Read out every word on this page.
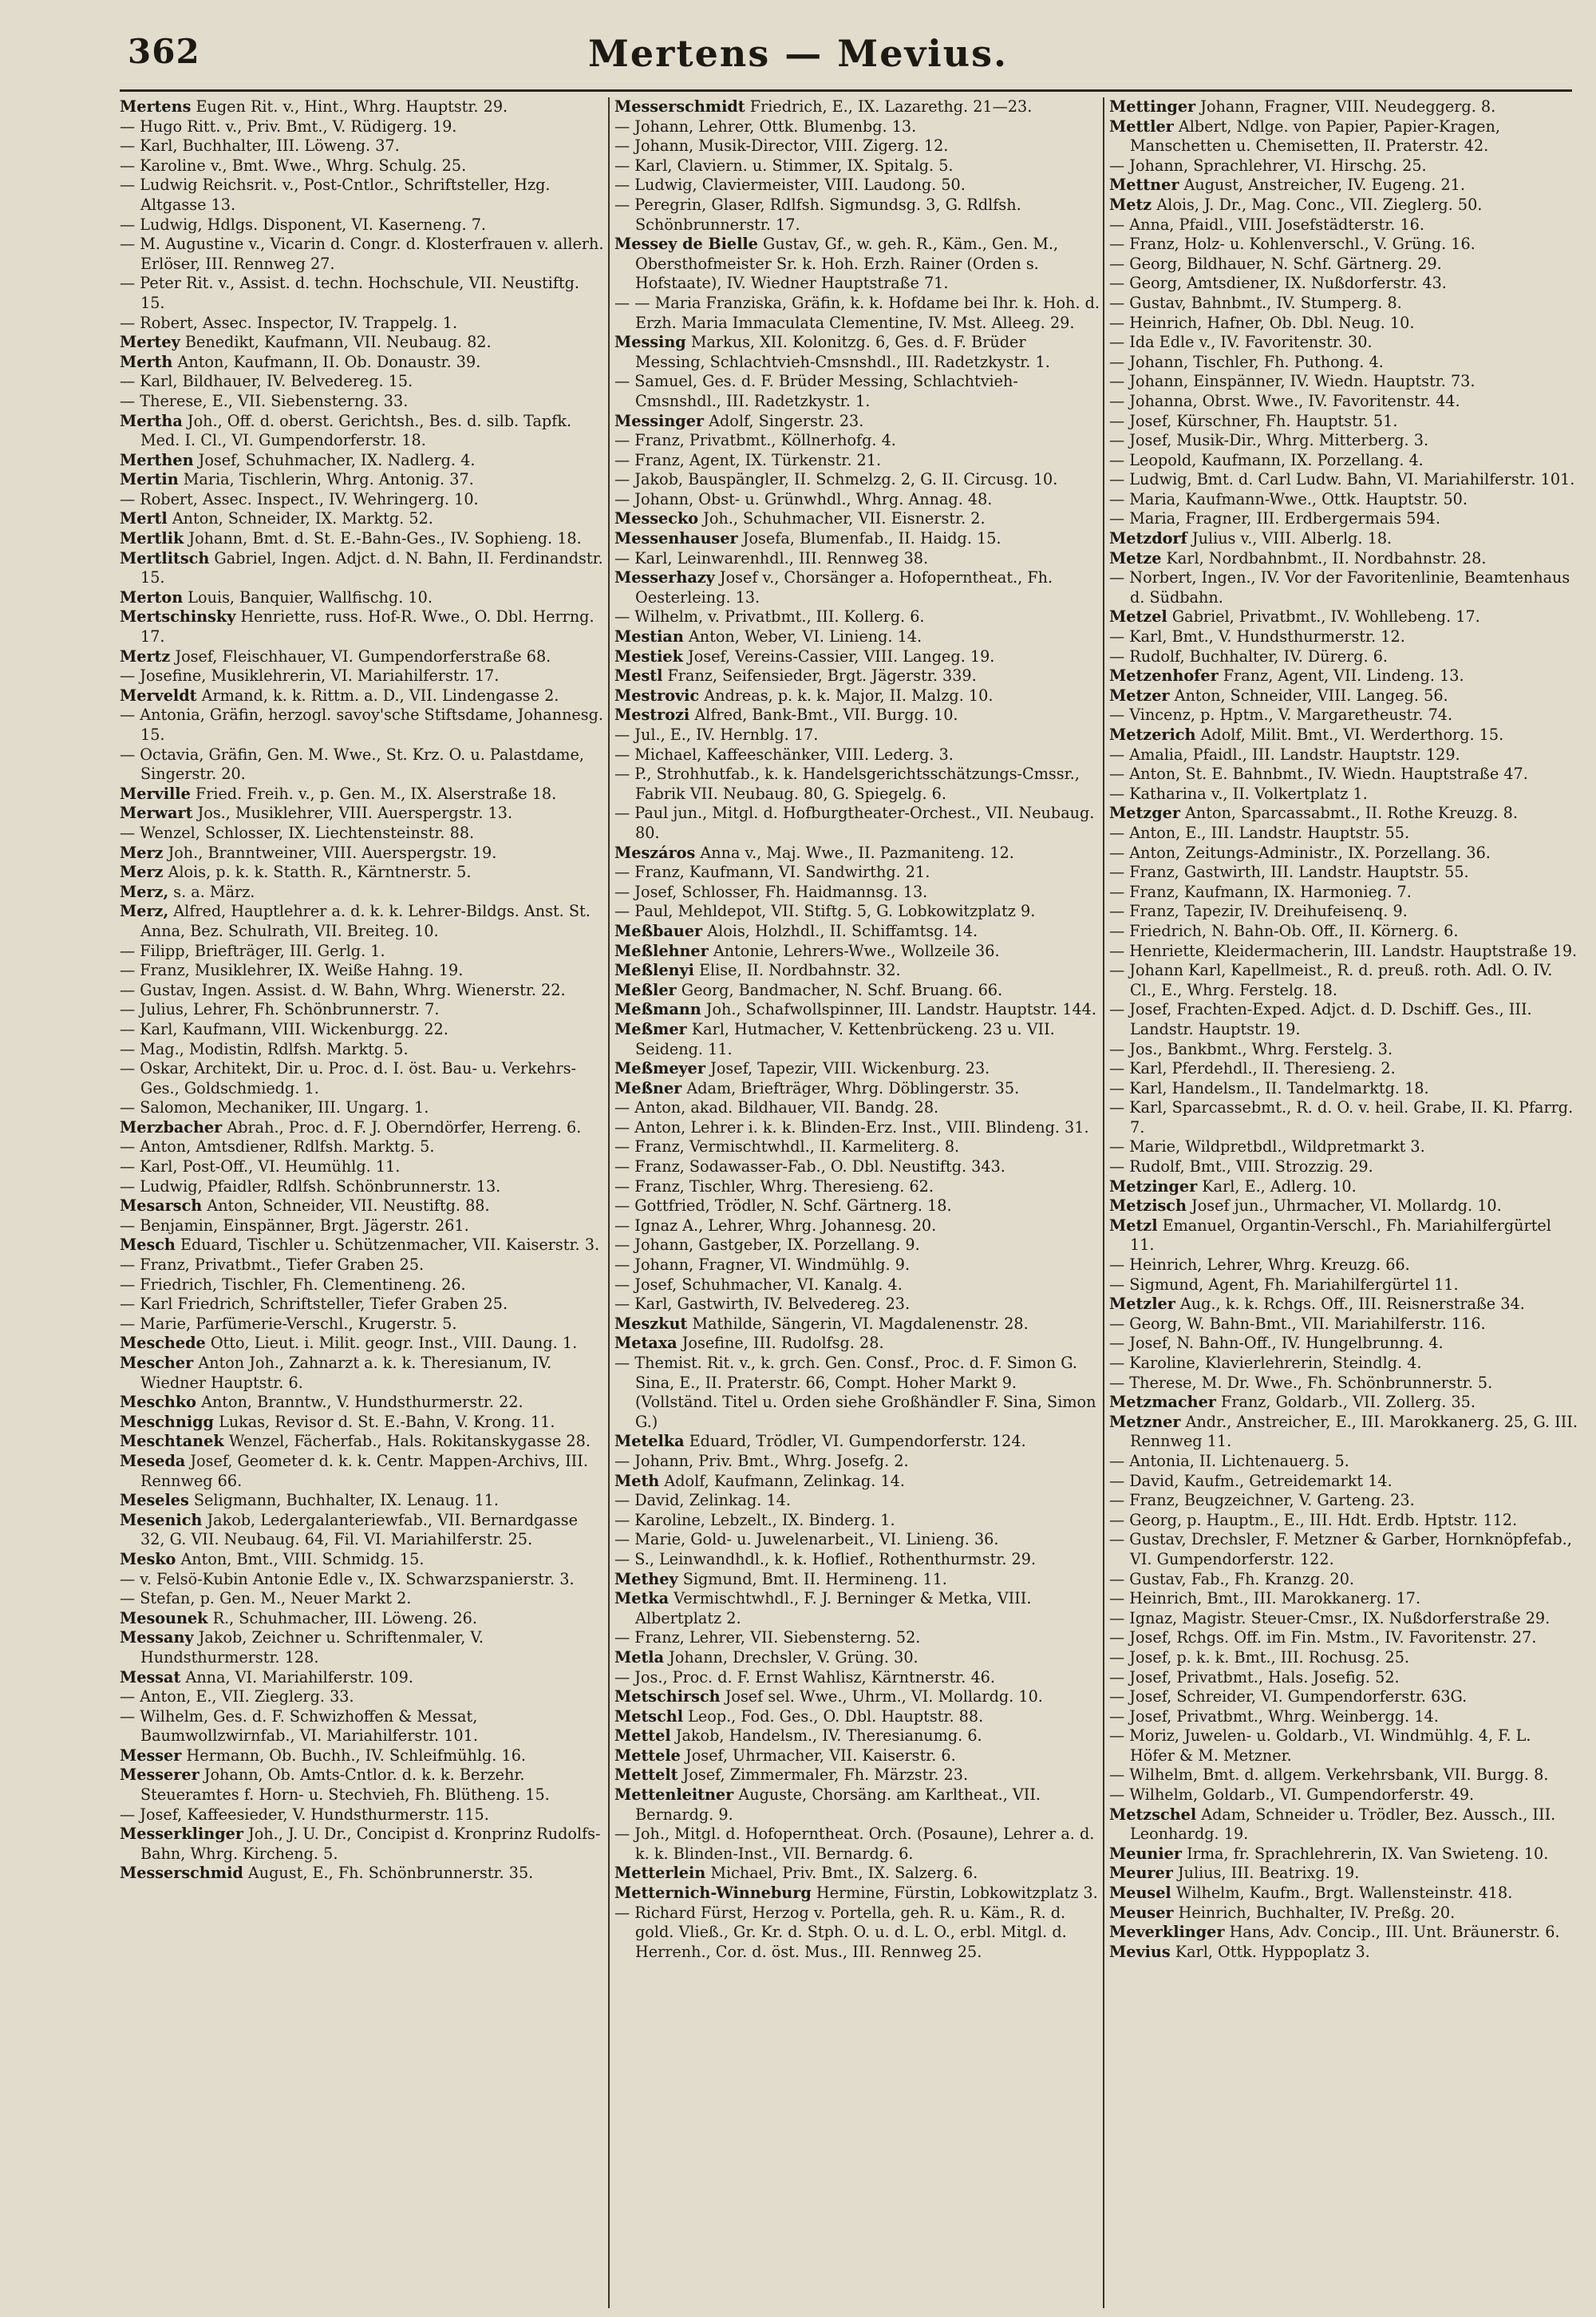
362	Mertens — Mevius.

Mertens Eugen Rit. v., Hint., Whrg. Hauptstr. 29.

— Hugo Ritt. v., Priv. Bmt., V. Rüdigerg. 19.

— Karl, Buchhalter, III. Löweng. 37.

— Karoline v., Bmt. Wwe., Whrg. Schulg. 25.

— Ludwig Reichsrit. v., Post-Cntlor., Schriftsteller, Hzg. Altgasse 13.

— Ludwig, Hdlgs. Disponent, VI. Kaserneng. 7.

— M. Augustine v., Vicarin d. Congr. d. Klosterfrauen v. allerh. Erlöser, III. Rennweg 27.

— Peter Rit. v., Assist. d. techn. Hochschule, VII. Neustiftg. 15.

— Robert, Assec. Inspector, IV. Trappelg. 1.

Mertey Benedikt, Kaufmann, VII. Neubaug. 82.

Merth Anton, Kaufmann, II. Ob. Donaustr. 39.

— Karl, Bildhauer, IV. Belvedereg. 15.

— Therese, E., VII. Siebensterng. 33.

Mertha Joh., Off. d. oberst. Gerichtsh., Bes. d. silb. Tapfk. Med. I. Cl., VI. Gumpendorferstr. 18.

Merthen Josef, Schuhmacher, IX. Nadlerg. 4.

Mertin Maria, Tischlerin, Whrg. Antonig. 37.

— Robert, Assec. Inspect., IV. Wehringerg. 10.

Mertl Anton, Schneider, IX. Marktg. 52.

Mertlik Johann, Bmt. d. St. E.-Bahn-Ges., IV. Sophieng. 18.

Mertlitsch Gabriel, Ingen. Adjct. d. N. Bahn, II. Ferdinandstr. 15.

Merton Louis, Banquier, Wallfischg. 10.

Mertschinsky Henriette, russ. Hof-R. Wwe., O. Dbl. Herrng. 17.

Mertz Josef, Fleischhauer, VI. Gumpendorferstraße 68.

— Josefine, Musiklehrerin, VI. Mariahilferstr. 17.

Merveldt Armand, k. k. Rittm. a. D., VII. Lindengasse 2.

— Antonia, Gräfin, herzogl. savoy'sche Stiftsdame, Johannesg. 15.

— Octavia, Gräfin, Gen. M. Wwe., St. Krz. O. u. Palastdame, Singerstr. 20.

Merville Fried. Freih. v., p. Gen. M., IX. Alserstraße 18.

Merwart Jos., Musiklehrer, VIII. Auerspergstr. 13.

— Wenzel, Schlosser, IX. Liechtensteinstr. 88.

Merz Joh., Branntweiner, VIII. Auerspergstr. 19.

Merz Alois, p. k. k. Statth. R., Kärntnerstr. 5.

Merz, s. a. März.

Merz, Alfred, Hauptlehrer a. d. k. k. Lehrer-Bildgs. Anst. St. Anna, Bez. Schulrath, VII. Breiteg. 10.

— Filipp, Briefträger, III. Gerlg. 1.

— Franz, Musiklehrer, IX. Weiße Hahng. 19.

— Gustav, Ingen. Assist. d. W. Bahn, Whrg. Wienerstr. 22.

— Julius, Lehrer, Fh. Schönbrunnerstr. 7.

— Karl, Kaufmann, VIII. Wickenburgg. 22.

— Mag., Modistin, Rdlfsh. Marktg. 5.

— Oskar, Architekt, Dir. u. Proc. d. I. öst. Bau- u. Verkehrs-Ges., Goldschmiedg. 1.

— Salomon, Mechaniker, III. Ungarg. 1.

Merzbacher Abrah., Proc. d. F. J. Oberndörfer, Herreng. 6.

— Anton, Amtsdiener, Rdlfsh. Marktg. 5.

— Karl, Post-Off., VI. Heumühlg. 11.

— Ludwig, Pfaidler, Rdlfsh. Schönbrunnerstr. 13.

Mesarsch Anton, Schneider, VII. Neustiftg. 88.

— Benjamin, Einspänner, Brgt. Jägerstr. 261.

Mesch Eduard, Tischler u. Schützenmacher, VII. Kaiserstr. 3.

— Franz, Privatbmt., Tiefer Graben 25.

— Friedrich, Tischler, Fh. Clementineng. 26.

— Karl Friedrich, Schriftsteller, Tiefer Graben 25.

— Marie, Parfümerie-Verschl., Krugerstr. 5.

Meschede Otto, Lieut. i. Milit. geogr. Inst., VIII. Daung. 1.

Mescher Anton Joh., Zahnarzt a. k. k. Theresianum, IV. Wiedner Hauptstr. 6.

Meschko Anton, Branntw., V. Hundsthurmerstr. 22.

Meschnigg Lukas, Revisor d. St. E.-Bahn, V. Krong. 11.

Meschtanek Wenzel, Fächerfab., Hals. Rokitanskygasse 28.

Meseda Josef, Geometer d. k. k. Centr. Mappen-Archivs, III. Rennweg 66.

Meseles Seligmann, Buchhalter, IX. Lenaug. 11.

Mesenich Jakob, Ledergalanteriewfab., VII. Bernardgasse 32, G. VII. Neubaug. 64, Fil. VI. Mariahilferstr. 25.

Mesko Anton, Bmt., VIII. Schmidg. 15.

— v. Felsö-Kubin Antonie Edle v., IX. Schwarzspanierstr. 3.

— Stefan, p. Gen. M., Neuer Markt 2.

Mesounek R., Schuhmacher, III. Löweng. 26.

Messany Jakob, Zeichner u. Schriftenmaler, V. Hundsthurmerstr. 128.

Messat Anna, VI. Mariahilferstr. 109.

— Anton, E., VII. Zieglerg. 33.

— Wilhelm, Ges. d. F. Schwizhoffen & Messat, Baumwollzwirnfab., VI. Mariahilferstr. 101.

Messer Hermann, Ob. Buchh., IV. Schleifmühlg. 16.

Messerer Johann, Ob. Amts-Cntlor. d. k. k. Berzehr. Steueramtes f. Horn- u. Stechvieh, Fh. Blütheng. 15.

— Josef, Kaffeesieder, V. Hundsthurmerstr. 115.

Messerklinger Joh., J. U. Dr., Concipist d. Kronprinz Rudolfs-Bahn, Whrg. Kircheng. 5.

Messerschmid August, E., Fh. Schönbrunnerstr. 35.

Messerschmidt Friedrich, E., IX. Lazarethg. 21—23.

— Johann, Lehrer, Ottk. Blumenbg. 13.

— Johann, Musik-Director, VIII. Zigerg. 12.

— Karl, Claviern. u. Stimmer, IX. Spitalg. 5.

— Ludwig, Claviermeister, VIII. Laudong. 50.

— Peregrin, Glaser, Rdlfsh. Sigmundsg. 3, G. Rdlfsh. Schönbrunnerstr. 17.

Messey de Bielle Gustav, Gf., w. geh. R., Käm., Gen. M., Obersthofmeister Sr. k. Hoh. Erzh. Rainer (Orden s. Hofstaate), IV. Wiedner Hauptstraße 71.

— — Maria Franziska, Gräfin, k. k. Hofdame bei Ihr. k. Hoh. d. Erzh. Maria Immaculata Clementine, IV. Mst. Alleeg. 29.

Messing Markus, XII. Kolonitzg. 6, Ges. d. F. Brüder Messing, Schlachtvieh-Cmsnshdl., III. Radetzkystr. 1.

— Samuel, Ges. d. F. Brüder Messing, Schlachtvieh-Cmsnshdl., III. Radetzkystr. 1.

Messinger Adolf, Singerstr. 23.

— Franz, Privatbmt., Köllnerhofg. 4.

— Franz, Agent, IX. Türkenstr. 21.

— Jakob, Bauspängler, II. Schmelzg. 2, G. II. Circusg. 10.

— Johann, Obst- u. Grünwhdl., Whrg. Annag. 48.

Messecko Joh., Schuhmacher, VII. Eisnerstr. 2.

Messenhauser Josefa, Blumenfab., II. Haidg. 15.

— Karl, Leinwarenhdl., III. Rennweg 38.

Messerhazy Josef v., Chorsänger a. Hofoperntheat., Fh. Oesterleing. 13.

— Wilhelm, v. Privatbmt., III. Kollerg. 6.

Mestian Anton, Weber, VI. Linieng. 14.

Mestiek Josef, Vereins-Cassier, VIII. Langeg. 19.

Mestl Franz, Seifensieder, Brgt. Jägerstr. 339.

Mestrovic Andreas, p. k. k. Major, II. Malzg. 10.

Mestrozi Alfred, Bank-Bmt., VII. Burgg. 10.

— Jul., E., IV. Hernblg. 17.

— Michael, Kaffeeschänker, VIII. Lederg. 3.

— P., Strohhutfab., k. k. Handelsgerichtsschätzungs-Cmssr., Fabrik VII. Neubaug. 80, G. Spiegelg. 6.

— Paul jun., Mitgl. d. Hofburgtheater-Orchest., VII. Neubaug. 80.

Meszáros Anna v., Maj. Wwe., II. Pazmaniteng. 12.

— Franz, Kaufmann, VI. Sandwirthg. 21.

— Josef, Schlosser, Fh. Haidmannsg. 13.

— Paul, Mehldepot, VII. Stiftg. 5, G. Lobkowitzplatz 9.

Meßbauer Alois, Holzhdl., II. Schiffamtsg. 14.

Meßlehner Antonie, Lehrers-Wwe., Wollzeile 36.

Meßlenyi Elise, II. Nordbahnstr. 32.

Meßler Georg, Bandmacher, N. Schf. Bruang. 66.

Meßmann Joh., Schafwollspinner, III. Landstr. Hauptstr. 144.

Meßmer Karl, Hutmacher, V. Kettenbrückeng. 23 u. VII. Seideng. 11.

Meßmeyer Josef, Tapezir, VIII. Wickenburg. 23.

Meßner Adam, Briefträger, Whrg. Döblingerstr. 35.

— Anton, akad. Bildhauer, VII. Bandg. 28.

— Anton, Lehrer i. k. k. Blinden-Erz. Inst., VIII. Blindeng. 31.

— Franz, Vermischtwhdl., II. Karmeliterg. 8.

— Franz, Sodawasser-Fab., O. Dbl. Neustiftg. 343.

— Franz, Tischler, Whrg. Theresieng. 62.

— Gottfried, Trödler, N. Schf. Gärtnerg. 18.

— Ignaz A., Lehrer, Whrg. Johannesg. 20.

— Johann, Gastgeber, IX. Porzellang. 9.

— Johann, Fragner, VI. Windmühlg. 9.

— Josef, Schuhmacher, VI. Kanalg. 4.

— Karl, Gastwirth, IV. Belvedereg. 23.

Meszkut Mathilde, Sängerin, VI. Magdalenenstr. 28.

Metaxa Josefine, III. Rudolfsg. 28.

— Themist. Rit. v., k. grch. Gen. Consf., Proc. d. F. Simon G. Sina, E., II. Praterstr. 66, Compt. Hoher Markt 9. (Vollständ. Titel u. Orden siehe Großhändler F. Sina, Simon G.)

Metelka Eduard, Trödler, VI. Gumpendorferstr. 124.

— Johann, Priv. Bmt., Whrg. Josefg. 2.

Meth Adolf, Kaufmann, Zelinkag. 14.

— David, Zelinkag. 14.

— Karoline, Lebzelt., IX. Binderg. 1.

— Marie, Gold- u. Juwelenarbeit., VI. Linieng. 36.

— S., Leinwandhdl., k. k. Hoflief., Rothenthurmstr. 29.

Methey Sigmund, Bmt. II. Hermineng. 11.

Metka Vermischtwhdl., F. J. Berninger & Metka, VIII. Albertplatz 2.

— Franz, Lehrer, VII. Siebensterng. 52.

Metla Johann, Drechsler, V. Grüng. 30.

— Jos., Proc. d. F. Ernst Wahlisz, Kärntnerstr. 46.

Metschirsch Josef sel. Wwe., Uhrm., VI. Mollardg. 10.

Metschl Leop., Fod. Ges., O. Dbl. Hauptstr. 88.

Mettel Jakob, Handelsm., IV. Theresianumg. 6.

Mettele Josef, Uhrmacher, VII. Kaiserstr. 6.

Mettelt Josef, Zimmermaler, Fh. Märzstr. 23.

Mettenleitner Auguste, Chorsäng. am Karltheat., VII. Bernardg. 9.

— Joh., Mitgl. d. Hofoperntheat. Orch. (Posaune), Lehrer a. d. k. k. Blinden-Inst., VII. Bernardg. 6.

Metterlein Michael, Priv. Bmt., IX. Salzerg. 6.

Metternich-Winneburg Hermine, Fürstin, Lobkowitzplatz 3.

— Richard Fürst, Herzog v. Portella, geh. R. u. Käm., R. d. gold. Vließ., Gr. Kr. d. Stph. O. u. d. L. O., erbl. Mitgl. d. Herrenh., Cor. d. öst. Mus., III. Rennweg 25.

Mettinger Johann, Fragner, VIII. Neudeggerg. 8.

Mettler Albert, Ndlge. von Papier, Papier-Kragen, Manschetten u. Chemisetten, II. Praterstr. 42.

— Johann, Sprachlehrer, VI. Hirschg. 25.

Mettner August, Anstreicher, IV. Eugeng. 21.

Metz Alois, J. Dr., Mag. Conc., VII. Zieglerg. 50.

— Anna, Pfaidl., VIII. Josefstädterstr. 16.

— Franz, Holz- u. Kohlenverschl., V. Grüng. 16.

— Georg, Bildhauer, N. Schf. Gärtnerg. 29.

— Georg, Amtsdiener, IX. Nußdorferstr. 43.

— Gustav, Bahnbmt., IV. Stumperg. 8.

— Heinrich, Hafner, Ob. Dbl. Neug. 10.

— Ida Edle v., IV. Favoritenstr. 30.

— Johann, Tischler, Fh. Puthong. 4.

— Johann, Einspänner, IV. Wiedn. Hauptstr. 73.

— Johanna, Obrst. Wwe., IV. Favoritenstr. 44.

— Josef, Kürschner, Fh. Hauptstr. 51.

— Josef, Musik-Dir., Whrg. Mitterberg. 3.

— Leopold, Kaufmann, IX. Porzellang. 4.

— Ludwig, Bmt. d. Carl Ludw. Bahn, VI. Mariahilferstr. 101.

— Maria, Kaufmann-Wwe., Ottk. Hauptstr. 50.

— Maria, Fragner, III. Erdbergermais 594.

Metzdorf Julius v., VIII. Alberlg. 18.

Metze Karl, Nordbahnbmt., II. Nordbahnstr. 28.

— Norbert, Ingen., IV. Vor der Favoritenlinie, Beamtenhaus d. Südbahn.

Metzel Gabriel, Privatbmt., IV. Wohllebeng. 17.

— Karl, Bmt., V. Hundsthurmerstr. 12.

— Rudolf, Buchhalter, IV. Dürerg. 6.

Metzenhofer Franz, Agent, VII. Lindeng. 13.

Metzer Anton, Schneider, VIII. Langeg. 56.

— Vincenz, p. Hptm., V. Margaretheustr. 74.

Metzerich Adolf, Milit. Bmt., VI. Werderthorg. 15.

— Amalia, Pfaidl., III. Landstr. Hauptstr. 129.

— Anton, St. E. Bahnbmt., IV. Wiedn. Hauptstraße 47.

— Katharina v., II. Volkertplatz 1.

Metzger Anton, Sparcassabmt., II. Rothe Kreuzg. 8.

— Anton, E., III. Landstr. Hauptstr. 55.

— Anton, Zeitungs-Administr., IX. Porzellang. 36.

— Franz, Gastwirth, III. Landstr. Hauptstr. 55.

— Franz, Kaufmann, IX. Harmonieg. 7.

— Franz, Tapezir, IV. Dreihufeisenq. 9.

— Friedrich, N. Bahn-Ob. Off., II. Körnerg. 6.

— Henriette, Kleidermacherin, III. Landstr. Hauptstraße 19.

— Johann Karl, Kapellmeist., R. d. preuß. roth. Adl. O. IV. Cl., E., Whrg. Ferstelg. 18.

— Josef, Frachten-Exped. Adjct. d. D. Dschiff. Ges., III. Landstr. Hauptstr. 19.

— Jos., Bankbmt., Whrg. Ferstelg. 3.

— Karl, Pferdehdl., II. Theresieng. 2.

— Karl, Handelsm., II. Tandelmarktg. 18.

— Karl, Sparcassebmt., R. d. O. v. heil. Grabe, II. Kl. Pfarrg. 7.

— Marie, Wildpretbdl., Wildpretmarkt 3.

— Rudolf, Bmt., VIII. Strozzig. 29.

Metzinger Karl, E., Adlerg. 10.

Metzisch Josef jun., Uhrmacher, VI. Mollardg. 10.

Metzl Emanuel, Organtin-Verschl., Fh. Mariahilfergürtel 11.

— Heinrich, Lehrer, Whrg. Kreuzg. 66.

— Sigmund, Agent, Fh. Mariahilfergürtel 11.

Metzler Aug., k. k. Rchgs. Off., III. Reisnerstraße 34.

— Georg, W. Bahn-Bmt., VII. Mariahilferstr. 116.

— Josef, N. Bahn-Off., IV. Hungelbrunng. 4.

— Karoline, Klavierlehrerin, Steindlg. 4.

— Therese, M. Dr. Wwe., Fh. Schönbrunnerstr. 5.

Metzmacher Franz, Goldarb., VII. Zollerg. 35.

Metzner Andr., Anstreicher, E., III. Marokkanerg. 25, G. III. Rennweg 11.

— Antonia, II. Lichtenauerg. 5.

— David, Kaufm., Getreidemarkt 14.

— Franz, Beugzeichner, V. Garteng. 23.

— Georg, p. Hauptm., E., III. Hdt. Erdb. Hptstr. 112.

— Gustav, Drechsler, F. Metzner & Garber, Hornknöpfefab., VI. Gumpendorferstr. 122.

— Gustav, Fab., Fh. Kranzg. 20.

— Heinrich, Bmt., III. Marokkanerg. 17.

— Ignaz, Magistr. Steuer-Cmsr., IX. Nußdorferstraße 29.

— Josef, Rchgs. Off. im Fin. Mstm., IV. Favoritenstr. 27.

— Josef, p. k. k. Bmt., III. Rochusg. 25.

— Josef, Privatbmt., Hals. Josefig. 52.

— Josef, Schreider, VI. Gumpendorferstr. 63G.

— Josef, Privatbmt., Whrg. Weinbergg. 14.

— Moriz, Juwelen- u. Goldarb., VI. Windmühlg. 4, F. L. Höfer & M. Metzner.

— Wilhelm, Bmt. d. allgem. Verkehrsbank, VII. Burgg. 8.

— Wilhelm, Goldarb., VI. Gumpendorferstr. 49.

Metzschel Adam, Schneider u. Trödler, Bez. Aussch., III. Leonhardg. 19.

Meunier Irma, fr. Sprachlehrerin, IX. Van Swieteng. 10.

Meurer Julius, III. Beatrixg. 19.

Meusel Wilhelm, Kaufm., Brgt. Wallensteinstr. 418.

Meuser Heinrich, Buchhalter, IV. Preßg. 20.

Meverklinger Hans, Adv. Concip., III. Unt. Bräunerstr. 6.

Mevius Karl, Ottk. Hyppoplatz 3.
